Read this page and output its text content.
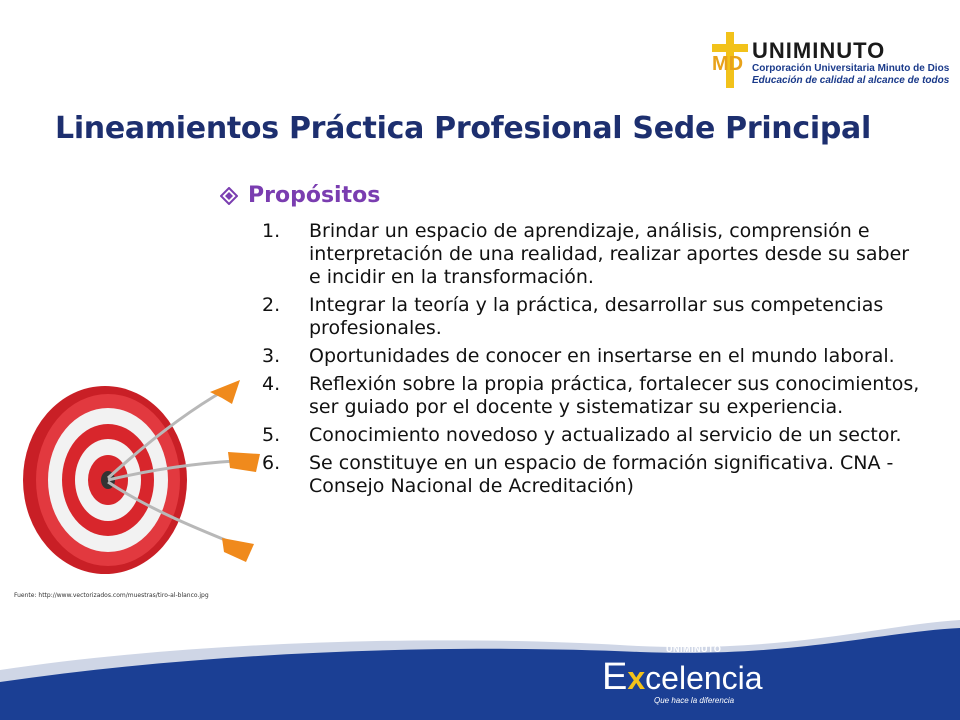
MD
UNIMINUTO
Corporación Universitaria Minuto de Dios
Educación de calidad al alcance de todos
Lineamientos Práctica Profesional Sede Principal
Propósitos
1.	Brindar un espacio de aprendizaje, análisis, comprensión e interpretación de una realidad, realizar aportes desde su saber e incidir en la transformación.
2.	Integrar la teoría y la práctica, desarrollar sus competencias profesionales.
3.	Oportunidades de conocer en insertarse en el mundo laboral.
4.	Reflexión sobre la propia práctica, fortalecer sus conocimientos, ser guiado por el docente y sistematizar su experiencia.
5.	Conocimiento novedoso y actualizado al servicio de un sector.
6.	Se constituye en un espacio de formación significativa. CNA - Consejo Nacional de Acreditación)
Fuente: http://www.vectorizados.com/muestras/tiro-al-blanco.jpg
UNIMINUTO
Excelencia
Que hace la diferencia
